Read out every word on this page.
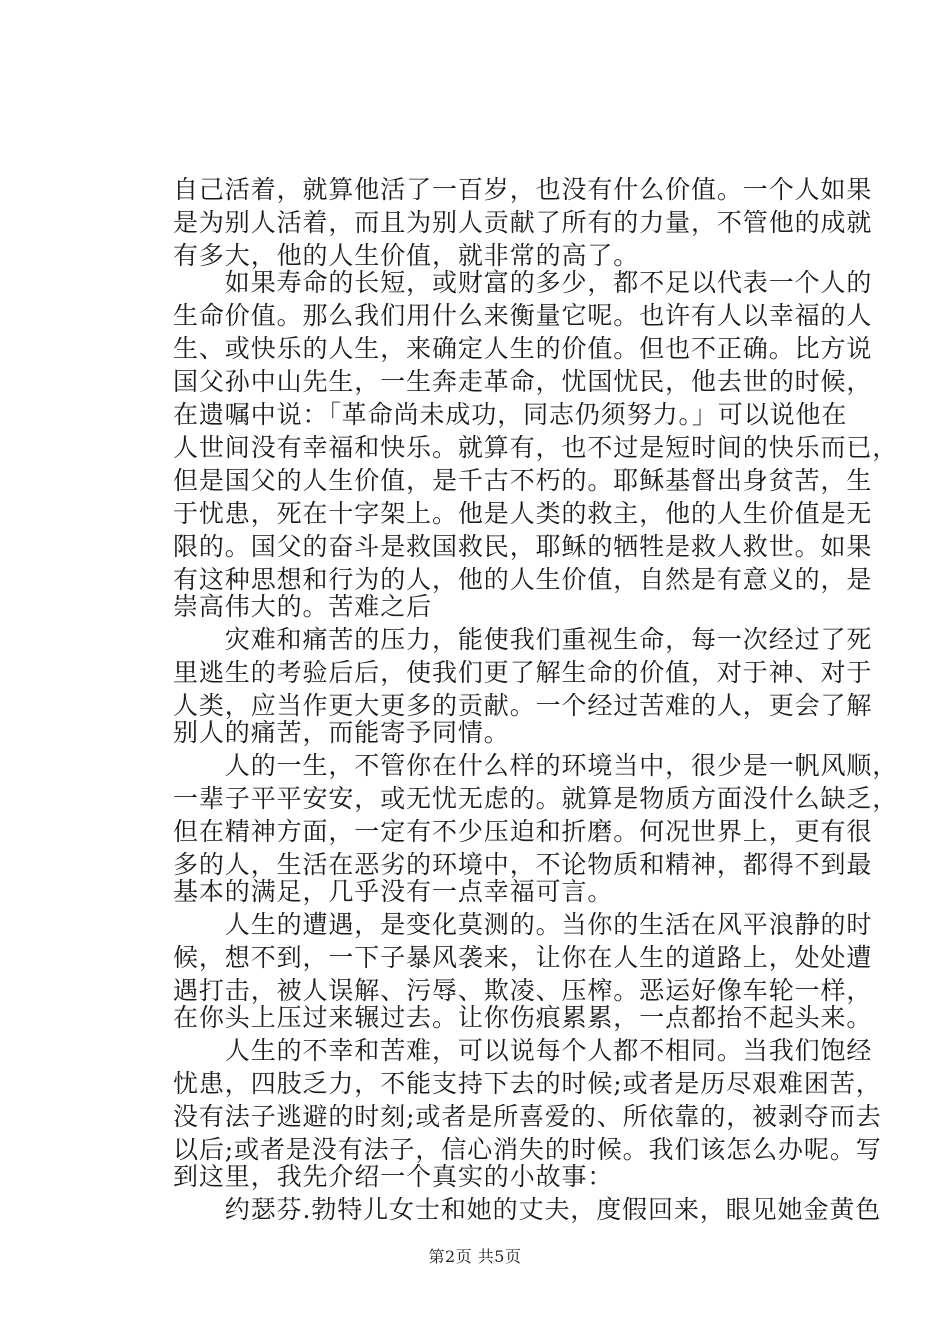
自己活着，就算他活了一百岁，也没有什么价值。一个人如果
是为别人活着，而且为别人贡献了所有的力量，不管他的成就
有多大，他的人生价值，就非常的高了。
　　如果寿命的长短，或财富的多少，都不足以代表一个人的
生命价值。那么我们用什么来衡量它呢。也许有人以幸福的人
生、或快乐的人生，来确定人生的价值。但也不正确。比方说
国父孙中山先生，一生奔走革命，忧国忧民，他去世的时候，
在遗嘱中说：「革命尚未成功，同志仍须努力。」可以说他在
人世间没有幸福和快乐。就算有，也不过是短时间的快乐而已，
但是国父的人生价值，是千古不朽的。耶稣基督出身贫苦，生
于忧患，死在十字架上。他是人类的救主，他的人生价值是无
限的。国父的奋斗是救国救民，耶稣的牺牲是救人救世。如果
有这种思想和行为的人，他的人生价值，自然是有意义的，是
崇高伟大的。苦难之后
　　灾难和痛苦的压力，能使我们重视生命，每一次经过了死
里逃生的考验后后，使我们更了解生命的价值，对于神、对于
人类，应当作更大更多的贡献。一个经过苦难的人，更会了解
别人的痛苦，而能寄予同情。
　　人的一生，不管你在什么样的环境当中，很少是一帆风顺，
一辈子平平安安，或无忧无虑的。就算是物质方面没什么缺乏，
但在精神方面，一定有不少压迫和折磨。何况世界上，更有很
多的人，生活在恶劣的环境中，不论物质和精神，都得不到最
基本的满足，几乎没有一点幸福可言。
　　人生的遭遇，是变化莫测的。当你的生活在风平浪静的时
候，想不到，一下子暴风袭来，让你在人生的道路上，处处遭
遇打击，被人误解、污辱、欺凌、压榨。恶运好像车轮一样，
在你头上压过来辗过去。让你伤痕累累，一点都抬不起头来。
　　人生的不幸和苦难，可以说每个人都不相同。当我们饱经
忧患，四肢乏力，不能支持下去的时候;或者是历尽艰难困苦，
没有法子逃避的时刻;或者是所喜爱的、所依靠的，被剥夺而去
以后;或者是没有法子，信心消失的时候。我们该怎么办呢。写
到这里，我先介绍一个真实的小故事：
　　约瑟芬.勃特儿女士和她的丈夫，度假回来，眼见她金黄色
第2页 共5页
